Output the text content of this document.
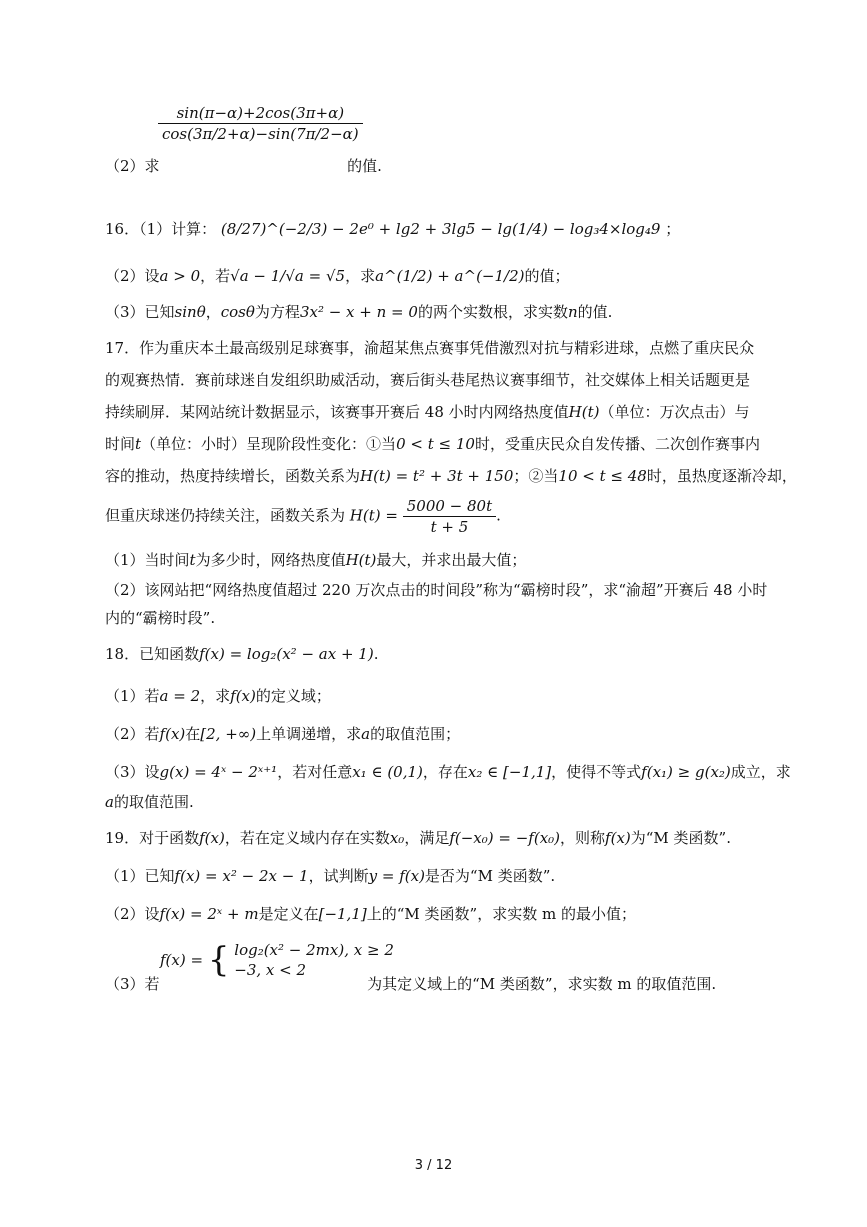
$\frac{\sin(\pi-\alpha)+2\cos(3\pi+\alpha)}{\cos(3\pi/2+\alpha)-\sin(7\pi/2-\alpha)}$
（2）求	的值.
16．（1）计算： (8/27)^(−2/3) − 2e⁰ + lg2 + 3lg5 − lg(1/4) − log₃4×log₄9 ；
（2）设a > 0，若√a − 1/√a = √5，求a^(1/2) + a^(−1/2)的值；
（3）已知sinθ，cosθ为方程3x² − x + n = 0的两个实数根，求实数n的值.
17．作为重庆本土最高级别足球赛事，渝超某焦点赛事凭借激烈对抗与精彩进球，点燃了重庆民众
的观赛热情．赛前球迷自发组织助威活动，赛后街头巷尾热议赛事细节，社交媒体上相关话题更是
持续刷屏．某网站统计数据显示，该赛事开赛后 48 小时内网络热度值H(t)（单位：万次点击）与
时间t（单位：小时）呈现阶段性变化：①当0 < t ≤ 10时，受重庆民众自发传播、二次创作赛事内
容的推动，热度持续增长，函数关系为H(t) = t² + 3t + 150；②当10 < t ≤ 48时，虽热度逐渐冷却，
但重庆球迷仍持续关注，函数关系为 $H(t) = \frac{5000 - 80t}{t + 5}$ .
（1）当时间t为多少时，网络热度值H(t)最大，并求出最大值；
（2）该网站把“网络热度值超过 220 万次点击的时间段”称为“霸榜时段”，求“渝超”开赛后 48 小时
内的“霸榜时段”.
18．已知函数f(x) = log₂(x² − ax + 1).
（1）若a = 2，求f(x)的定义域；
（2）若f(x)在[2, +∞)上单调递增，求a的取值范围；
（3）设g(x) = 4ˣ − 2ˣ⁺¹，若对任意x₁ ∈ (0,1)，存在x₂ ∈ [−1,1]，使得不等式f(x₁) ≥ g(x₂)成立，求
a的取值范围.
19．对于函数f(x)，若在定义域内存在实数x₀，满足f(−x₀) = −f(x₀)，则称f(x)为“M 类函数”.
（1）已知f(x) = x² − 2x − 1，试判断y = f(x)是否为“M 类函数”.
（2）设f(x) = 2ˣ + m是定义在[−1,1]上的“M 类函数”，求实数 m 的最小值；
f(x) = { log₂(x² − 2mx), x ≥ 2
−3, x < 2
（3）若	为其定义域上的“M 类函数”，求实数 m 的取值范围.
3 / 12
